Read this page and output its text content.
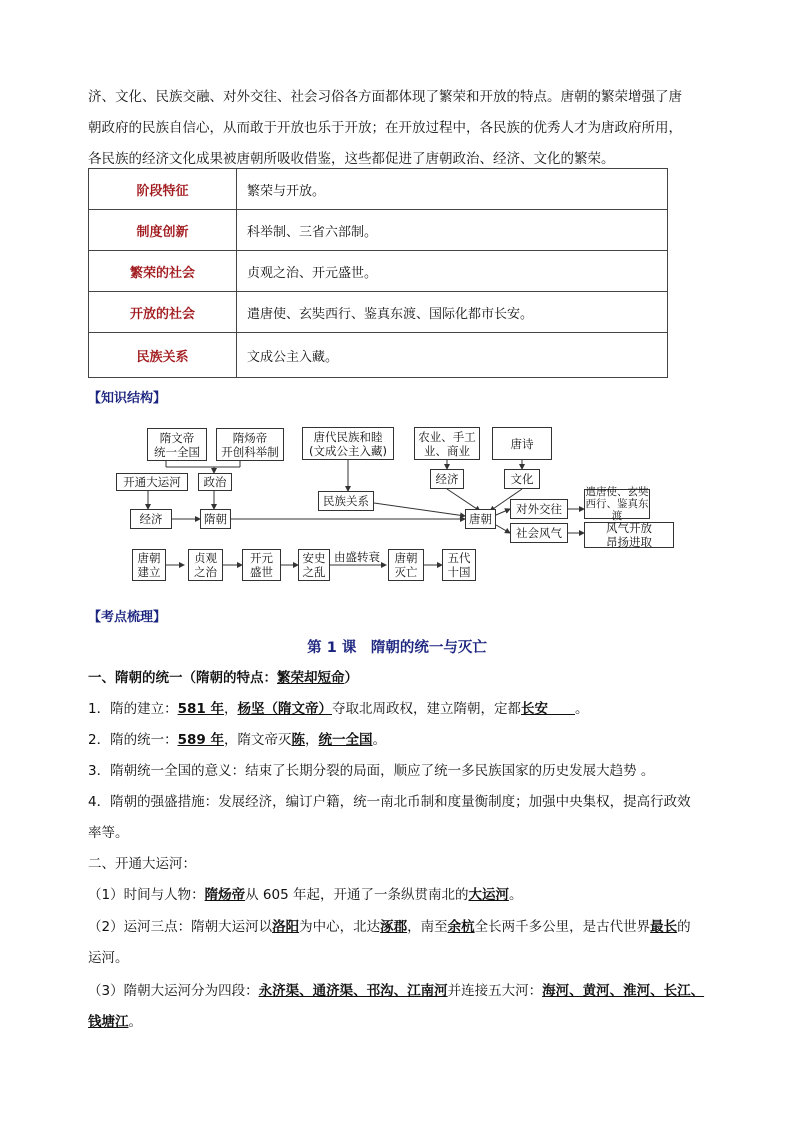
济、文化、民族交融、对外交往、社会习俗各方面都体现了繁荣和开放的特点。唐朝的繁荣增强了唐
朝政府的民族自信心，从而敢于开放也乐于开放；在开放过程中，各民族的优秀人才为唐政府所用，
各民族的经济文化成果被唐朝所吸收借鉴，这些都促进了唐朝政治、经济、文化的繁荣。
阶段特征	繁荣与开放。
制度创新	科举制、三省六部制。
繁荣的社会	贞观之治、开元盛世。
开放的社会	遣唐使、玄奘西行、鉴真东渡、国际化都市长安。
民族关系	文成公主入藏。
【知识结构】
隋文帝
统一全国
隋炀帝
开创科举制
开通大运河	政治
经济	隋朝
唐代民族和睦
(文成公主入藏)
民族关系
农业、手工
业、商业
经济
唐诗
文化
唐朝
对外交往
社会风气
遣唐使、玄奘西行、鉴真东渡
风气开放
昂扬进取
唐朝
建立
贞观
之治
开元
盛世
安史
之乱
由盛转衰	唐朝
灭亡
五代
十国
【考点梳理】
第 1 课　隋朝的统一与灭亡
一、隋朝的统一（隋朝的特点：繁荣却短命）
1．隋的建立：581 年，杨坚（隋文帝）夺取北周政权，建立隋朝，定都长安　　 。
2．隋的统一：589 年，隋文帝灭陈，统一全国。
3．隋朝统一全国的意义：结束了长期分裂的局面，顺应了统一多民族国家的历史发展大趋势 。
4．隋朝的强盛措施：发展经济，编订户籍，统一南北币制和度量衡制度；加强中央集权，提高行政效
率等。
二、开通大运河：
（1）时间与人物：隋炀帝从 605 年起，开通了一条纵贯南北的大运河。
（2）运河三点：隋朝大运河以洛阳为中心，北达涿郡，南至余杭全长两千多公里，是古代世界最长的
运河。
（3）隋朝大运河分为四段：永济渠、通济渠、邗沟、江南河并连接五大河：海河、黄河、淮河、长江、
钱塘江。
